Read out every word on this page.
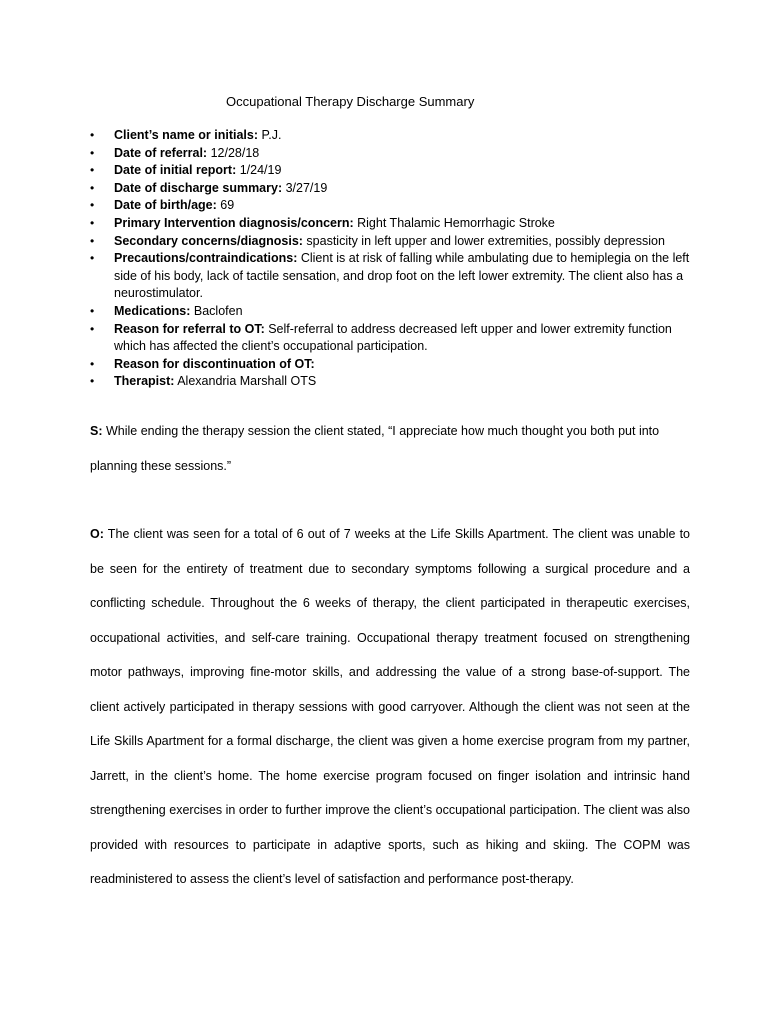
Occupational Therapy Discharge Summary
• Client’s name or initials: P.J.
• Date of referral: 12/28/18
• Date of initial report: 1/24/19
• Date of discharge summary: 3/27/19
• Date of birth/age: 69
• Primary Intervention diagnosis/concern: Right Thalamic Hemorrhagic Stroke
• Secondary concerns/diagnosis: spasticity in left upper and lower extremities, possibly depression
• Precautions/contraindications: Client is at risk of falling while ambulating due to hemiplegia on the left side of his body, lack of tactile sensation, and drop foot on the left lower extremity. The client also has a neurostimulator.
• Medications: Baclofen
• Reason for referral to OT: Self-referral to address decreased left upper and lower extremity function which has affected the client’s occupational participation.
• Reason for discontinuation of OT:
• Therapist: Alexandria Marshall OTS

S: While ending the therapy session the client stated, “I appreciate how much thought you both put into planning these sessions.”

O: The client was seen for a total of 6 out of 7 weeks at the Life Skills Apartment. The client was unable to be seen for the entirety of treatment due to secondary symptoms following a surgical procedure and a conflicting schedule. Throughout the 6 weeks of therapy, the client participated in therapeutic exercises, occupational activities, and self-care training. Occupational therapy treatment focused on strengthening motor pathways, improving fine-motor skills, and addressing the value of a strong base-of-support. The client actively participated in therapy sessions with good carryover. Although the client was not seen at the Life Skills Apartment for a formal discharge, the client was given a home exercise program from my partner, Jarrett, in the client’s home. The home exercise program focused on finger isolation and intrinsic hand strengthening exercises in order to further improve the client’s occupational participation. The client was also provided with resources to participate in adaptive sports, such as hiking and skiing. The COPM was readministered to assess the client’s level of satisfaction and performance post-therapy.
